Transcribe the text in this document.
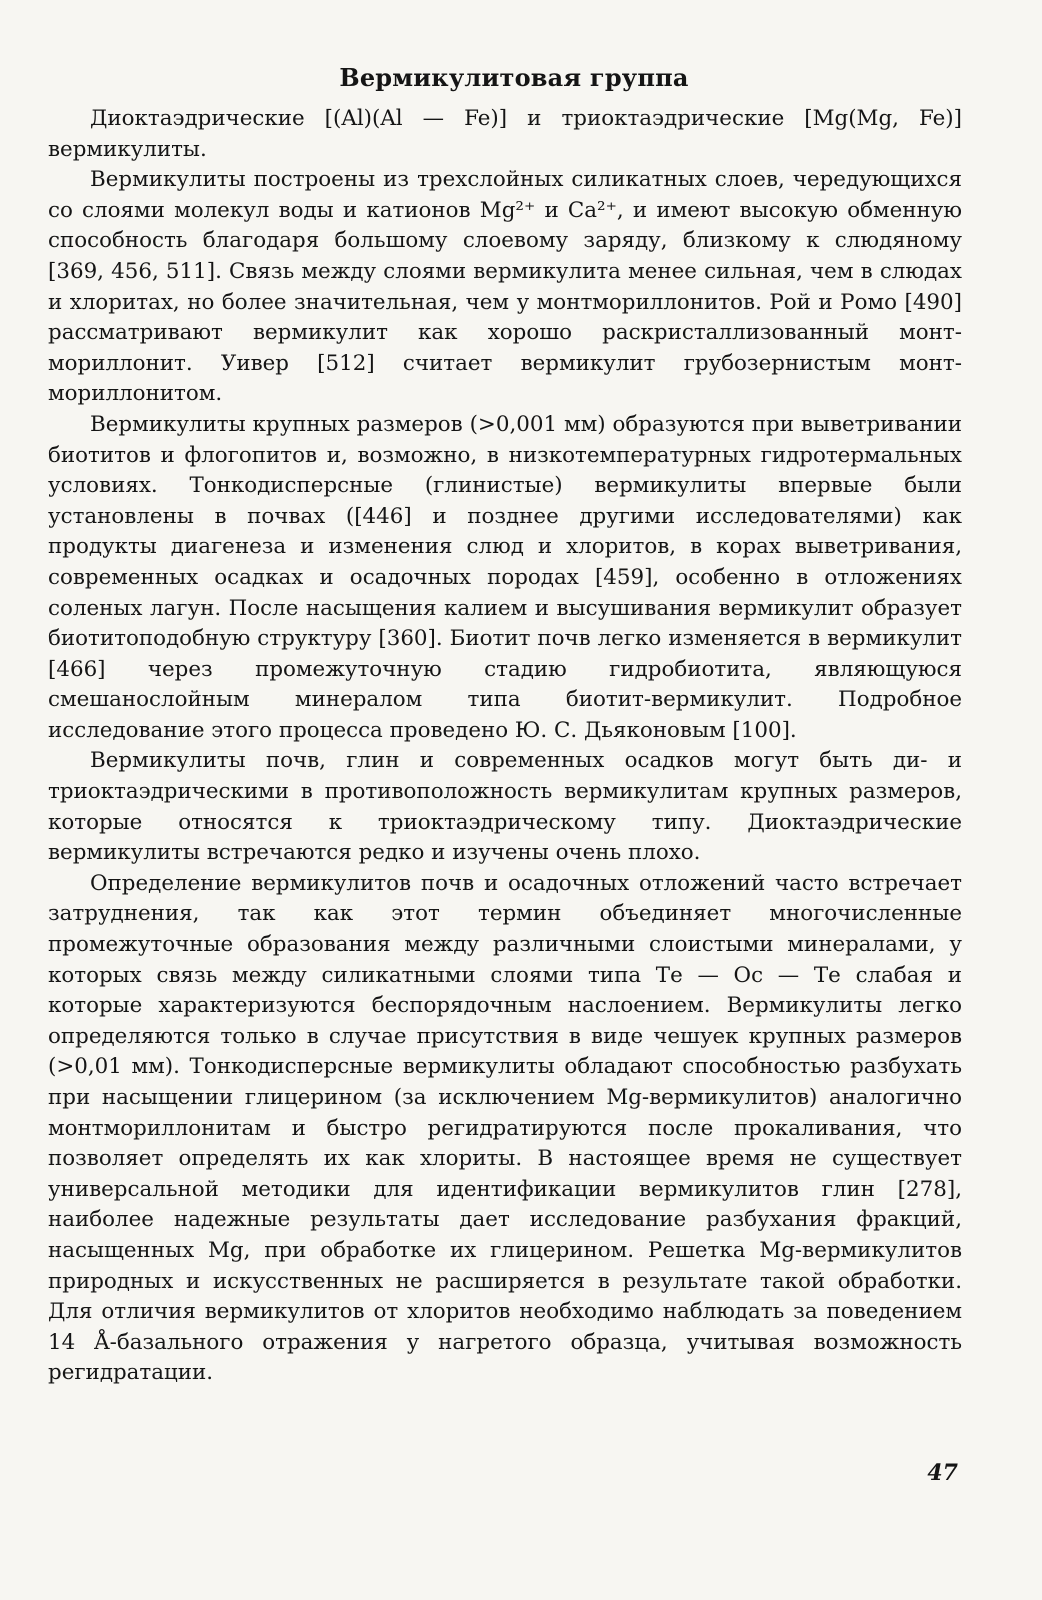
Вермикулитовая группа

Диоктаэдрические [(Al)(Al — Fe)] и триоктаэдрические [Mg(Mg, Fe)] вермикулиты.

Вермикулиты построены из трехслойных силикатных слоев, чередующихся со слоями молекул воды и катионов Mg²⁺ и Ca²⁺, и имеют высокую обменную способность благодаря большому слоевому заряду, близкому к слюдяному [369, 456, 511]. Связь между слоями вермикулита менее сильная, чем в слюдах и хлоритах, но более значительная, чем у монтмориллонитов. Рой и Ромо [490] рассматривают вермикулит как хорошо раскристаллизованный монтмориллонит. Уивер [512] считает вермикулит грубозернистым монтмориллонитом.

Вермикулиты крупных размеров (>0,001 мм) образуются при выветривании биотитов и флогопитов и, возможно, в низкотемпературных гидротермальных условиях. Тонкодисперсные (глинистые) вермикулиты впервые были установлены в почвах ([446] и позднее другими исследователями) как продукты диагенеза и изменения слюд и хлоритов, в корах выветривания, современных осадках и осадочных породах [459], особенно в отложениях соленых лагун. После насыщения калием и высушивания вермикулит образует биотитоподобную структуру [360]. Биотит почв легко изменяется в вермикулит [466] через промежуточную стадию гидробиотита, являющуюся смешанослойным минералом типа биотит-вермикулит. Подробное исследование этого процесса проведено Ю. С. Дьяконовым [100].

Вермикулиты почв, глин и современных осадков могут быть ди- и триоктаэдрическими в противоположность вермикулитам крупных размеров, которые относятся к триоктаэдрическому типу. Диоктаэдрические вермикулиты встречаются редко и изучены очень плохо.

Определение вермикулитов почв и осадочных отложений часто встречает затруднения, так как этот термин объединяет многочисленные промежуточные образования между различными слоистыми минералами, у которых связь между силикатными слоями типа Те — Ос — Те слабая и которые характеризуются беспорядочным наслоением. Вермикулиты легко определяются только в случае присутствия в виде чешуек крупных размеров (>0,01 мм). Тонкодисперсные вермикулиты обладают способностью разбухать при насыщении глицерином (за исключением Mg-вермикулитов) аналогично монтмориллонитам и быстро регидратируются после прокаливания, что позволяет определять их как хлориты. В настоящее время не существует универсальной методики для идентификации вермикулитов глин [278], наиболее надежные результаты дает исследование разбухания фракций, насыщенных Mg, при обработке их глицерином. Решетка Mg-вермикулитов природных и искусственных не расширяется в результате такой обработки. Для отличия вермикулитов от хлоритов необходимо наблюдать за поведением 14 Å-базального отражения у нагретого образца, учитывая возможность регидратации.

47
